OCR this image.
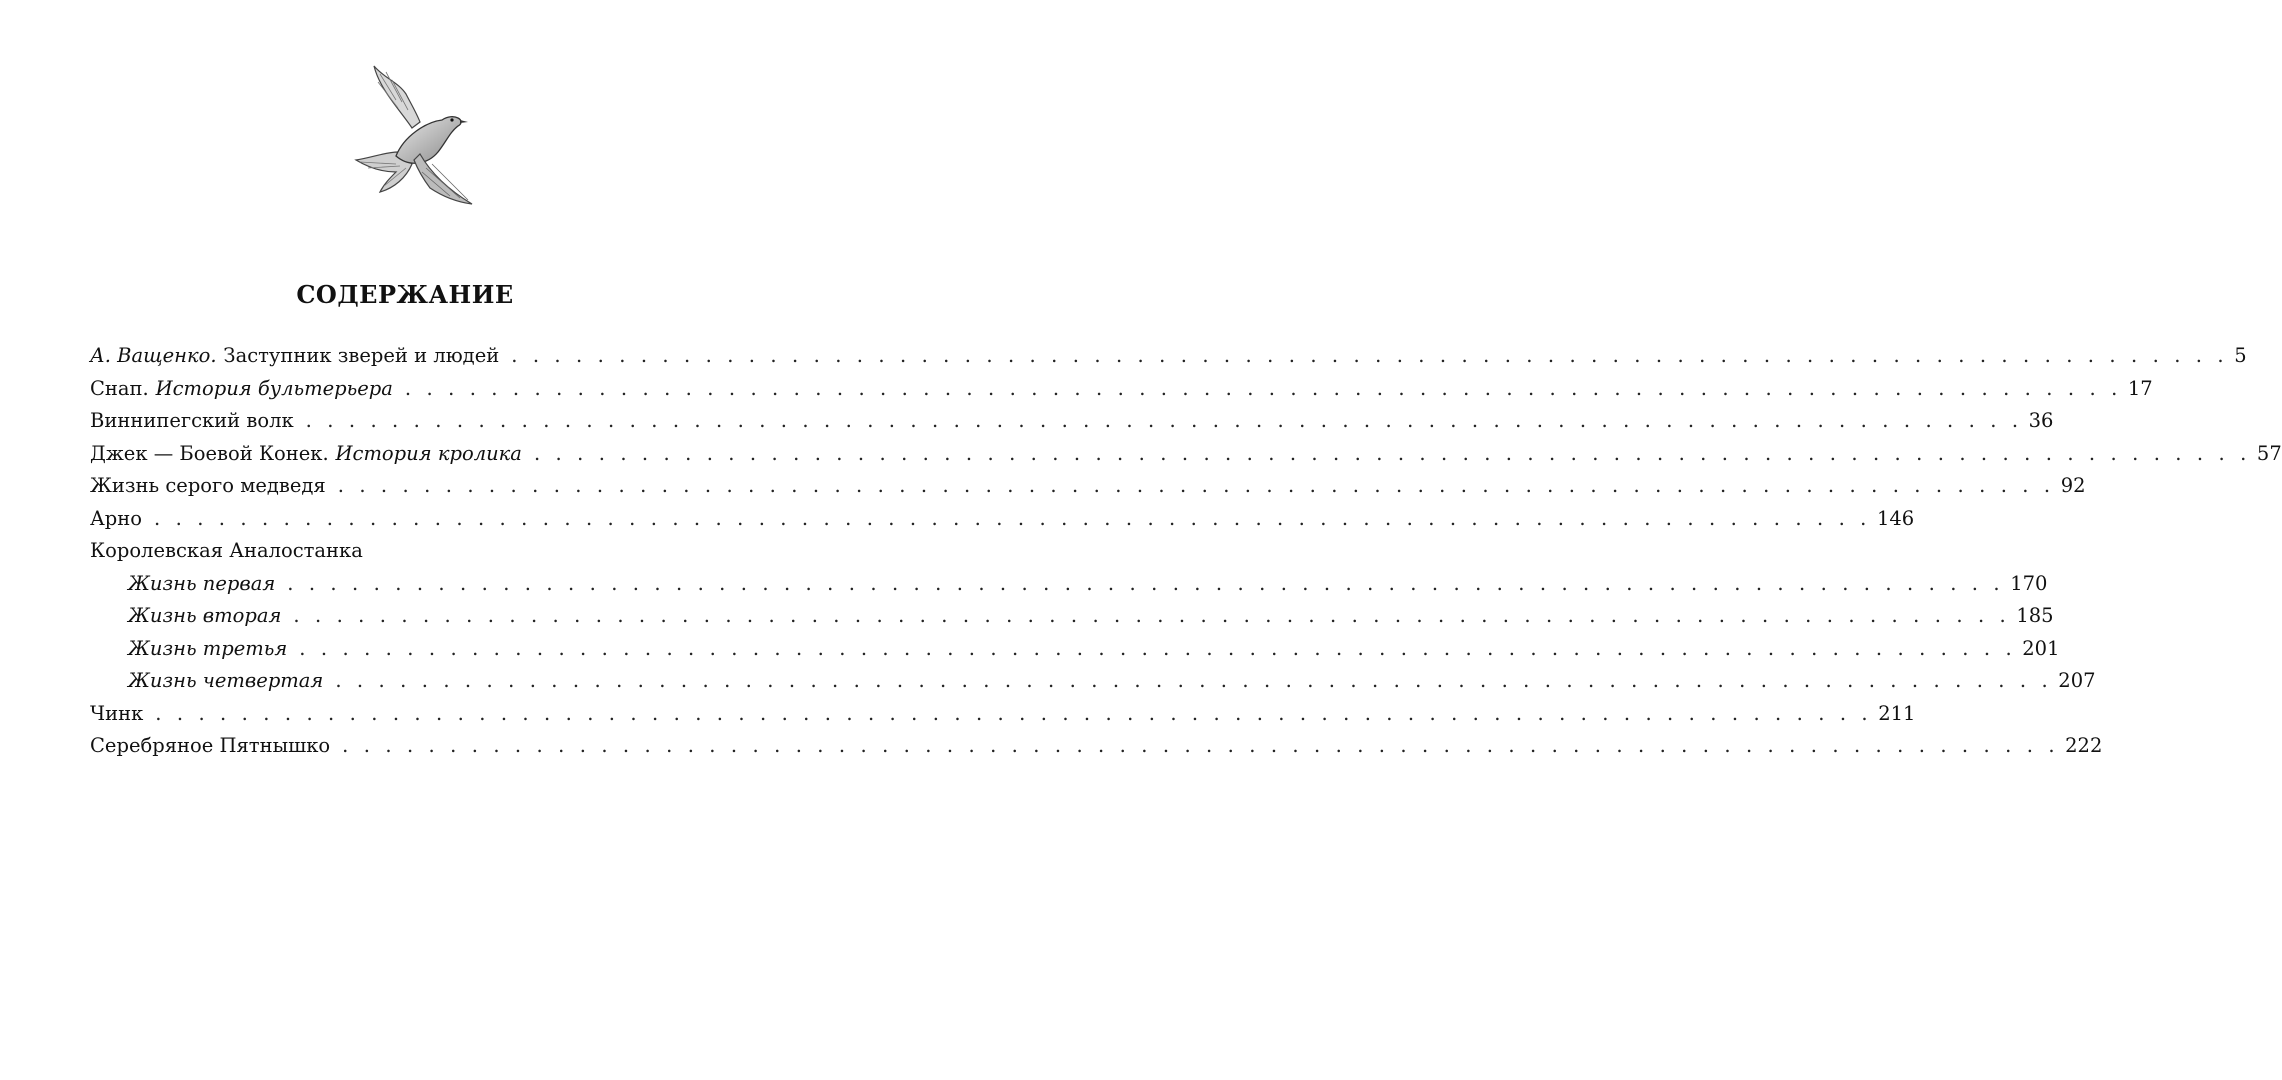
СОДЕРЖАНИЕ
А. Ващенко. Заступник зверей и людей . . . . . . . . . . . . . . . . . . . . . . . . . . . . . . . . . . . . . . . . . . . . . . . . . . . . . . . . . . . . . . . . . . . . . . . . . . . . . . . . 5
Снап. История бультерьера . . . . . . . . . . . . . . . . . . . . . . . . . . . . . . . . . . . . . . . . . . . . . . . . . . . . . . . . . . . . . . . . . . . . . . . . . . . . . . . . 17
Виннипегский волк . . . . . . . . . . . . . . . . . . . . . . . . . . . . . . . . . . . . . . . . . . . . . . . . . . . . . . . . . . . . . . . . . . . . . . . . . . . . . . . . 36
Джек — Боевой Конек. История кролика . . . . . . . . . . . . . . . . . . . . . . . . . . . . . . . . . . . . . . . . . . . . . . . . . . . . . . . . . . . . . . . . . . . . . . . . . . . . . . . . 57
Жизнь серого медведя . . . . . . . . . . . . . . . . . . . . . . . . . . . . . . . . . . . . . . . . . . . . . . . . . . . . . . . . . . . . . . . . . . . . . . . . . . . . . . . . 92
Арно . . . . . . . . . . . . . . . . . . . . . . . . . . . . . . . . . . . . . . . . . . . . . . . . . . . . . . . . . . . . . . . . . . . . . . . . . . . . . . . . 146
Королевская Аналостанка
Жизнь первая . . . . . . . . . . . . . . . . . . . . . . . . . . . . . . . . . . . . . . . . . . . . . . . . . . . . . . . . . . . . . . . . . . . . . . . . . . . . . . . . 170
Жизнь вторая . . . . . . . . . . . . . . . . . . . . . . . . . . . . . . . . . . . . . . . . . . . . . . . . . . . . . . . . . . . . . . . . . . . . . . . . . . . . . . . . 185
Жизнь третья . . . . . . . . . . . . . . . . . . . . . . . . . . . . . . . . . . . . . . . . . . . . . . . . . . . . . . . . . . . . . . . . . . . . . . . . . . . . . . . . 201
Жизнь четвертая . . . . . . . . . . . . . . . . . . . . . . . . . . . . . . . . . . . . . . . . . . . . . . . . . . . . . . . . . . . . . . . . . . . . . . . . . . . . . . . . 207
Чинк . . . . . . . . . . . . . . . . . . . . . . . . . . . . . . . . . . . . . . . . . . . . . . . . . . . . . . . . . . . . . . . . . . . . . . . . . . . . . . . . 211
Серебряное Пятнышко . . . . . . . . . . . . . . . . . . . . . . . . . . . . . . . . . . . . . . . . . . . . . . . . . . . . . . . . . . . . . . . . . . . . . . . . . . . . . . . . 222
